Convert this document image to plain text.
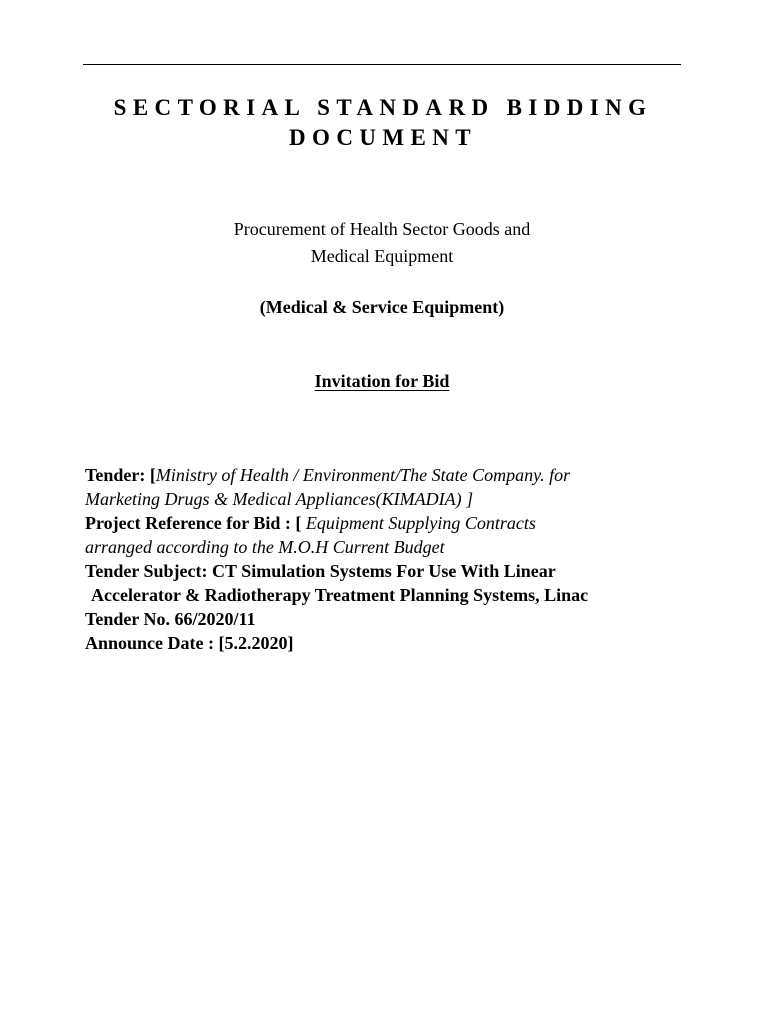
SECTORIAL STANDARD BIDDING
DOCUMENT
Procurement of Health Sector Goods and
Medical Equipment
(Medical & Service Equipment)
Invitation for Bid
Tender: [Ministry of Health / Environment/The State Company. for
Marketing Drugs & Medical Appliances(KIMADIA) ]
Project Reference for Bid : [ Equipment Supplying Contracts
arranged according to the M.O.H Current Budget
Tender Subject: CT Simulation Systems For Use With Linear
Accelerator & Radiotherapy Treatment Planning Systems, Linac
Tender No. 66/2020/11
Announce Date : [5.2.2020]
